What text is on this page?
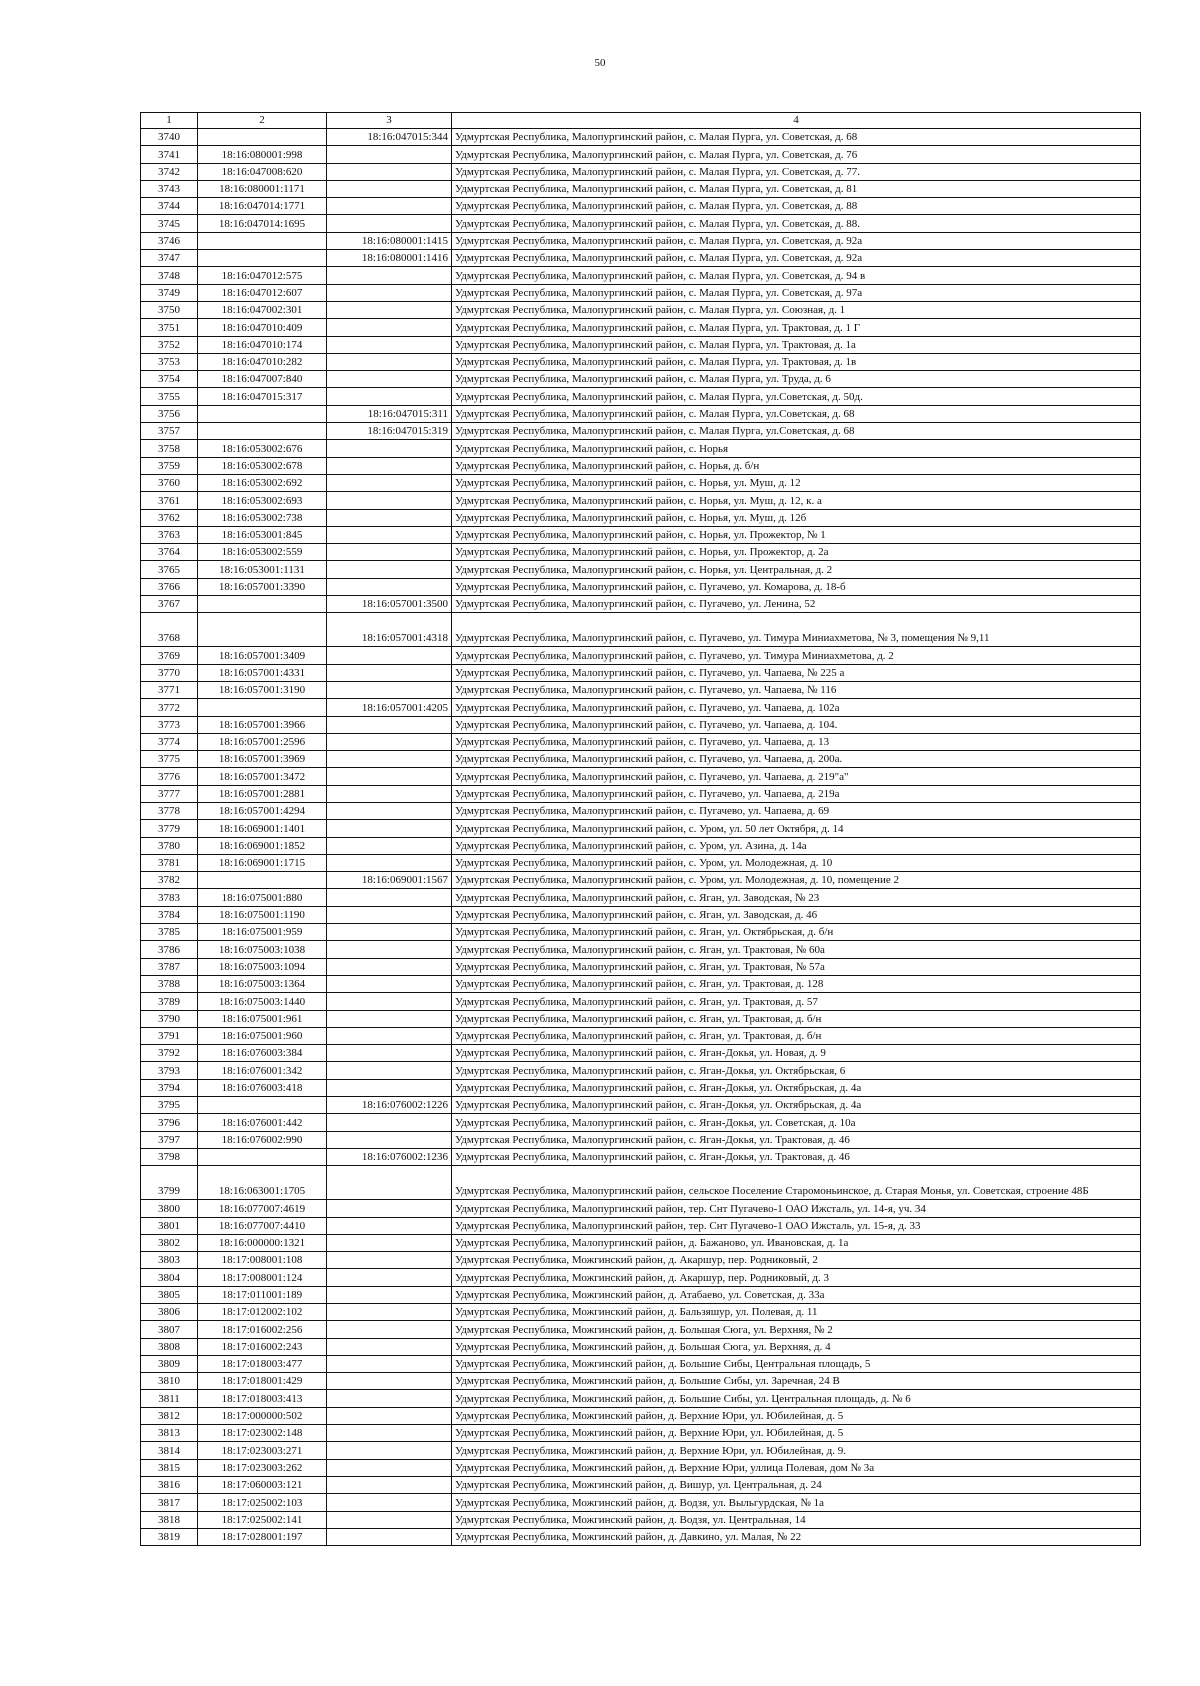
50
1	2	3	4
3740		18:16:047015:344	Удмуртская Республика, Малопургинский район, с. Малая Пурга, ул. Советская, д. 68
3741	18:16:080001:998		Удмуртская Республика, Малопургинский район, с. Малая Пурга, ул. Советская, д. 76
3742	18:16:047008:620		Удмуртская Республика, Малопургинский район, с. Малая Пурга, ул. Советская, д. 77.
3743	18:16:080001:1171		Удмуртская Республика, Малопургинский район, с. Малая Пурга, ул. Советская, д. 81
3744	18:16:047014:1771		Удмуртская Республика, Малопургинский район, с. Малая Пурга, ул. Советская, д. 88
3745	18:16:047014:1695		Удмуртская Республика, Малопургинский район, с. Малая Пурга, ул. Советская, д. 88.
3746		18:16:080001:1415	Удмуртская Республика, Малопургинский район, с. Малая Пурга, ул. Советская, д. 92а
3747		18:16:080001:1416	Удмуртская Республика, Малопургинский район, с. Малая Пурга, ул. Советская, д. 92а
3748	18:16:047012:575		Удмуртская Республика, Малопургинский район, с. Малая Пурга, ул. Советская, д. 94 в
3749	18:16:047012:607		Удмуртская Республика, Малопургинский район, с. Малая Пурга, ул. Советская, д. 97а
3750	18:16:047002:301		Удмуртская Республика, Малопургинский район, с. Малая Пурга, ул. Союзная, д. 1
3751	18:16:047010:409		Удмуртская Республика, Малопургинский район, с. Малая Пурга, ул. Трактовая, д. 1 Г
3752	18:16:047010:174		Удмуртская Республика, Малопургинский район, с. Малая Пурга, ул. Трактовая, д. 1а
3753	18:16:047010:282		Удмуртская Республика, Малопургинский район, с. Малая Пурга, ул. Трактовая, д. 1в
3754	18:16:047007:840		Удмуртская Республика, Малопургинский район, с. Малая Пурга, ул. Труда, д. 6
3755	18:16:047015:317		Удмуртская Республика, Малопургинский район, с. Малая Пурга, ул.Советская, д. 50д.
3756		18:16:047015:311	Удмуртская Республика, Малопургинский район, с. Малая Пурга, ул.Советская, д. 68
3757		18:16:047015:319	Удмуртская Республика, Малопургинский район, с. Малая Пурга, ул.Советская, д. 68
3758	18:16:053002:676		Удмуртская Республика, Малопургинский район, с. Норья
3759	18:16:053002:678		Удмуртская Республика, Малопургинский район, с. Норья, д. б/н
3760	18:16:053002:692		Удмуртская Республика, Малопургинский район, с. Норья, ул. Муш, д. 12
3761	18:16:053002:693		Удмуртская Республика, Малопургинский район, с. Норья, ул. Муш, д. 12, к. а
3762	18:16:053002:738		Удмуртская Республика, Малопургинский район, с. Норья, ул. Муш, д. 12б
3763	18:16:053001:845		Удмуртская Республика, Малопургинский район, с. Норья, ул. Прожектор, № 1
3764	18:16:053002:559		Удмуртская Республика, Малопургинский район, с. Норья, ул. Прожектор, д. 2а
3765	18:16:053001:1131		Удмуртская Республика, Малопургинский район, с. Норья, ул. Центральная, д. 2
3766	18:16:057001:3390		Удмуртская Республика, Малопургинский район, с. Пугачево, ул. Комарова, д. 18-б
3767		18:16:057001:3500	Удмуртская Республика, Малопургинский район, с. Пугачево, ул. Ленина, 52
3768		18:16:057001:4318	Удмуртская Республика, Малопургинский район, с. Пугачево, ул. Тимура Миниахметова, № 3, помещения № 9,11
3769	18:16:057001:3409		Удмуртская Республика, Малопургинский район, с. Пугачево, ул. Тимура Миниахметова, д. 2
3770	18:16:057001:4331		Удмуртская Республика, Малопургинский район, с. Пугачево, ул. Чапаева, № 225 а
3771	18:16:057001:3190		Удмуртская Республика, Малопургинский район, с. Пугачево, ул. Чапаева, № 116
3772		18:16:057001:4205	Удмуртская Республика, Малопургинский район, с. Пугачево, ул. Чапаева, д. 102а
3773	18:16:057001:3966		Удмуртская Республика, Малопургинский район, с. Пугачево, ул. Чапаева, д. 104.
3774	18:16:057001:2596		Удмуртская Республика, Малопургинский район, с. Пугачево, ул. Чапаева, д. 13
3775	18:16:057001:3969		Удмуртская Республика, Малопургинский район, с. Пугачево, ул. Чапаева, д. 200а.
3776	18:16:057001:3472		Удмуртская Республика, Малопургинский район, с. Пугачево, ул. Чапаева, д. 219"а"
3777	18:16:057001:2881		Удмуртская Республика, Малопургинский район, с. Пугачево, ул. Чапаева, д. 219а
3778	18:16:057001:4294		Удмуртская Республика, Малопургинский район, с. Пугачево, ул. Чапаева, д. 69
3779	18:16:069001:1401		Удмуртская Республика, Малопургинский район, с. Уром, ул. 50 лет Октября, д. 14
3780	18:16:069001:1852		Удмуртская Республика, Малопургинский район, с. Уром, ул. Азина, д. 14а
3781	18:16:069001:1715		Удмуртская Республика, Малопургинский район, с. Уром, ул. Молодежная, д. 10
3782		18:16:069001:1567	Удмуртская Республика, Малопургинский район, с. Уром, ул. Молодежная, д. 10, помещение 2
3783	18:16:075001:880		Удмуртская Республика, Малопургинский район, с. Яган, ул. Заводская, № 23
3784	18:16:075001:1190		Удмуртская Республика, Малопургинский район, с. Яган, ул. Заводская, д. 46
3785	18:16:075001:959		Удмуртская Республика, Малопургинский район, с. Яган, ул. Октябрьская, д. б/н
3786	18:16:075003:1038		Удмуртская Республика, Малопургинский район, с. Яган, ул. Трактовая, № 60а
3787	18:16:075003:1094		Удмуртская Республика, Малопургинский район, с. Яган, ул. Трактовая, № 57а
3788	18:16:075003:1364		Удмуртская Республика, Малопургинский район, с. Яган, ул. Трактовая, д. 128
3789	18:16:075003:1440		Удмуртская Республика, Малопургинский район, с. Яган, ул. Трактовая, д. 57
3790	18:16:075001:961		Удмуртская Республика, Малопургинский район, с. Яган, ул. Трактовая, д. б/н
3791	18:16:075001:960		Удмуртская Республика, Малопургинский район, с. Яган, ул. Трактовая, д. б/н
3792	18:16:076003:384		Удмуртская Республика, Малопургинский район, с. Яган-Докья, ул. Новая, д. 9
3793	18:16:076001:342		Удмуртская Республика, Малопургинский район, с. Яган-Докья, ул. Октябрьская, 6
3794	18:16:076003:418		Удмуртская Республика, Малопургинский район, с. Яган-Докья, ул. Октябрьская, д. 4а
3795		18:16:076002:1226	Удмуртская Республика, Малопургинский район, с. Яган-Докья, ул. Октябрьская, д. 4а
3796	18:16:076001:442		Удмуртская Республика, Малопургинский район, с. Яган-Докья, ул. Советская, д. 10а
3797	18:16:076002:990		Удмуртская Республика, Малопургинский район, с. Яган-Докья, ул. Трактовая, д. 46
3798		18:16:076002:1236	Удмуртская Республика, Малопургинский район, с. Яган-Докья, ул. Трактовая, д. 46
3799	18:16:063001:1705		Удмуртская Республика, Малопургинский район, сельское Поселение Старомоньинское, д. Старая Монья, ул. Советская, строение 48Б
3800	18:16:077007:4619		Удмуртская Республика, Малопургинский район, тер. Снт Пугачево-1 ОАО Ижсталь, ул. 14-я, уч. 34
3801	18:16:077007:4410		Удмуртская Республика, Малопургинский район, тер. Снт Пугачево-1 ОАО Ижсталь, ул. 15-я, д. 33
3802	18:16:000000:1321		Удмуртская Республика, Малопургинский район, д. Бажаново, ул. Ивановская, д. 1а
3803	18:17:008001:108		Удмуртская Республика, Можгинский район, д. Акаршур, пер. Родниковый, 2
3804	18:17:008001:124		Удмуртская Республика, Можгинский район, д. Акаршур, пер. Родниковый, д. 3
3805	18:17:011001:189		Удмуртская Республика, Можгинский район, д. Атабаево, ул. Советская, д. 33а
3806	18:17:012002:102		Удмуртская Республика, Можгинский район, д. Бальзяшур, ул. Полевая, д. 11
3807	18:17:016002:256		Удмуртская Республика, Можгинский район, д. Большая Сюга, ул. Верхняя, № 2
3808	18:17:016002:243		Удмуртская Республика, Можгинский район, д. Большая Сюга, ул. Верхняя, д. 4
3809	18:17:018003:477		Удмуртская Республика, Можгинский район, д. Большие Сибы, Центральная площадь, 5
3810	18:17:018001:429		Удмуртская Республика, Можгинский район, д. Большие Сибы, ул. Заречная, 24 В
3811	18:17:018003:413		Удмуртская Республика, Можгинский район, д. Большие Сибы, ул. Центральная площадь, д. № 6
3812	18:17:000000:502		Удмуртская Республика, Можгинский район, д. Верхние Юри, ул. Юбилейная, д. 5
3813	18:17:023002:148		Удмуртская Республика, Можгинский район, д. Верхние Юри, ул. Юбилейная, д. 5
3814	18:17:023003:271		Удмуртская Республика, Можгинский район, д. Верхние Юри, ул. Юбилейная, д. 9.
3815	18:17:023003:262		Удмуртская Республика, Можгинский район, д. Верхние Юри, уллица Полевая, дом № 3а
3816	18:17:060003:121		Удмуртская Республика, Можгинский район, д. Вишур, ул. Центральная, д. 24
3817	18:17:025002:103		Удмуртская Республика, Можгинский район, д. Водзя, ул. Выльгурдская, № 1а
3818	18:17:025002:141		Удмуртская Республика, Можгинский район, д. Водзя, ул. Центральная, 14
3819	18:17:028001:197		Удмуртская Республика, Можгинский район, д. Давкино, ул. Малая, № 22
